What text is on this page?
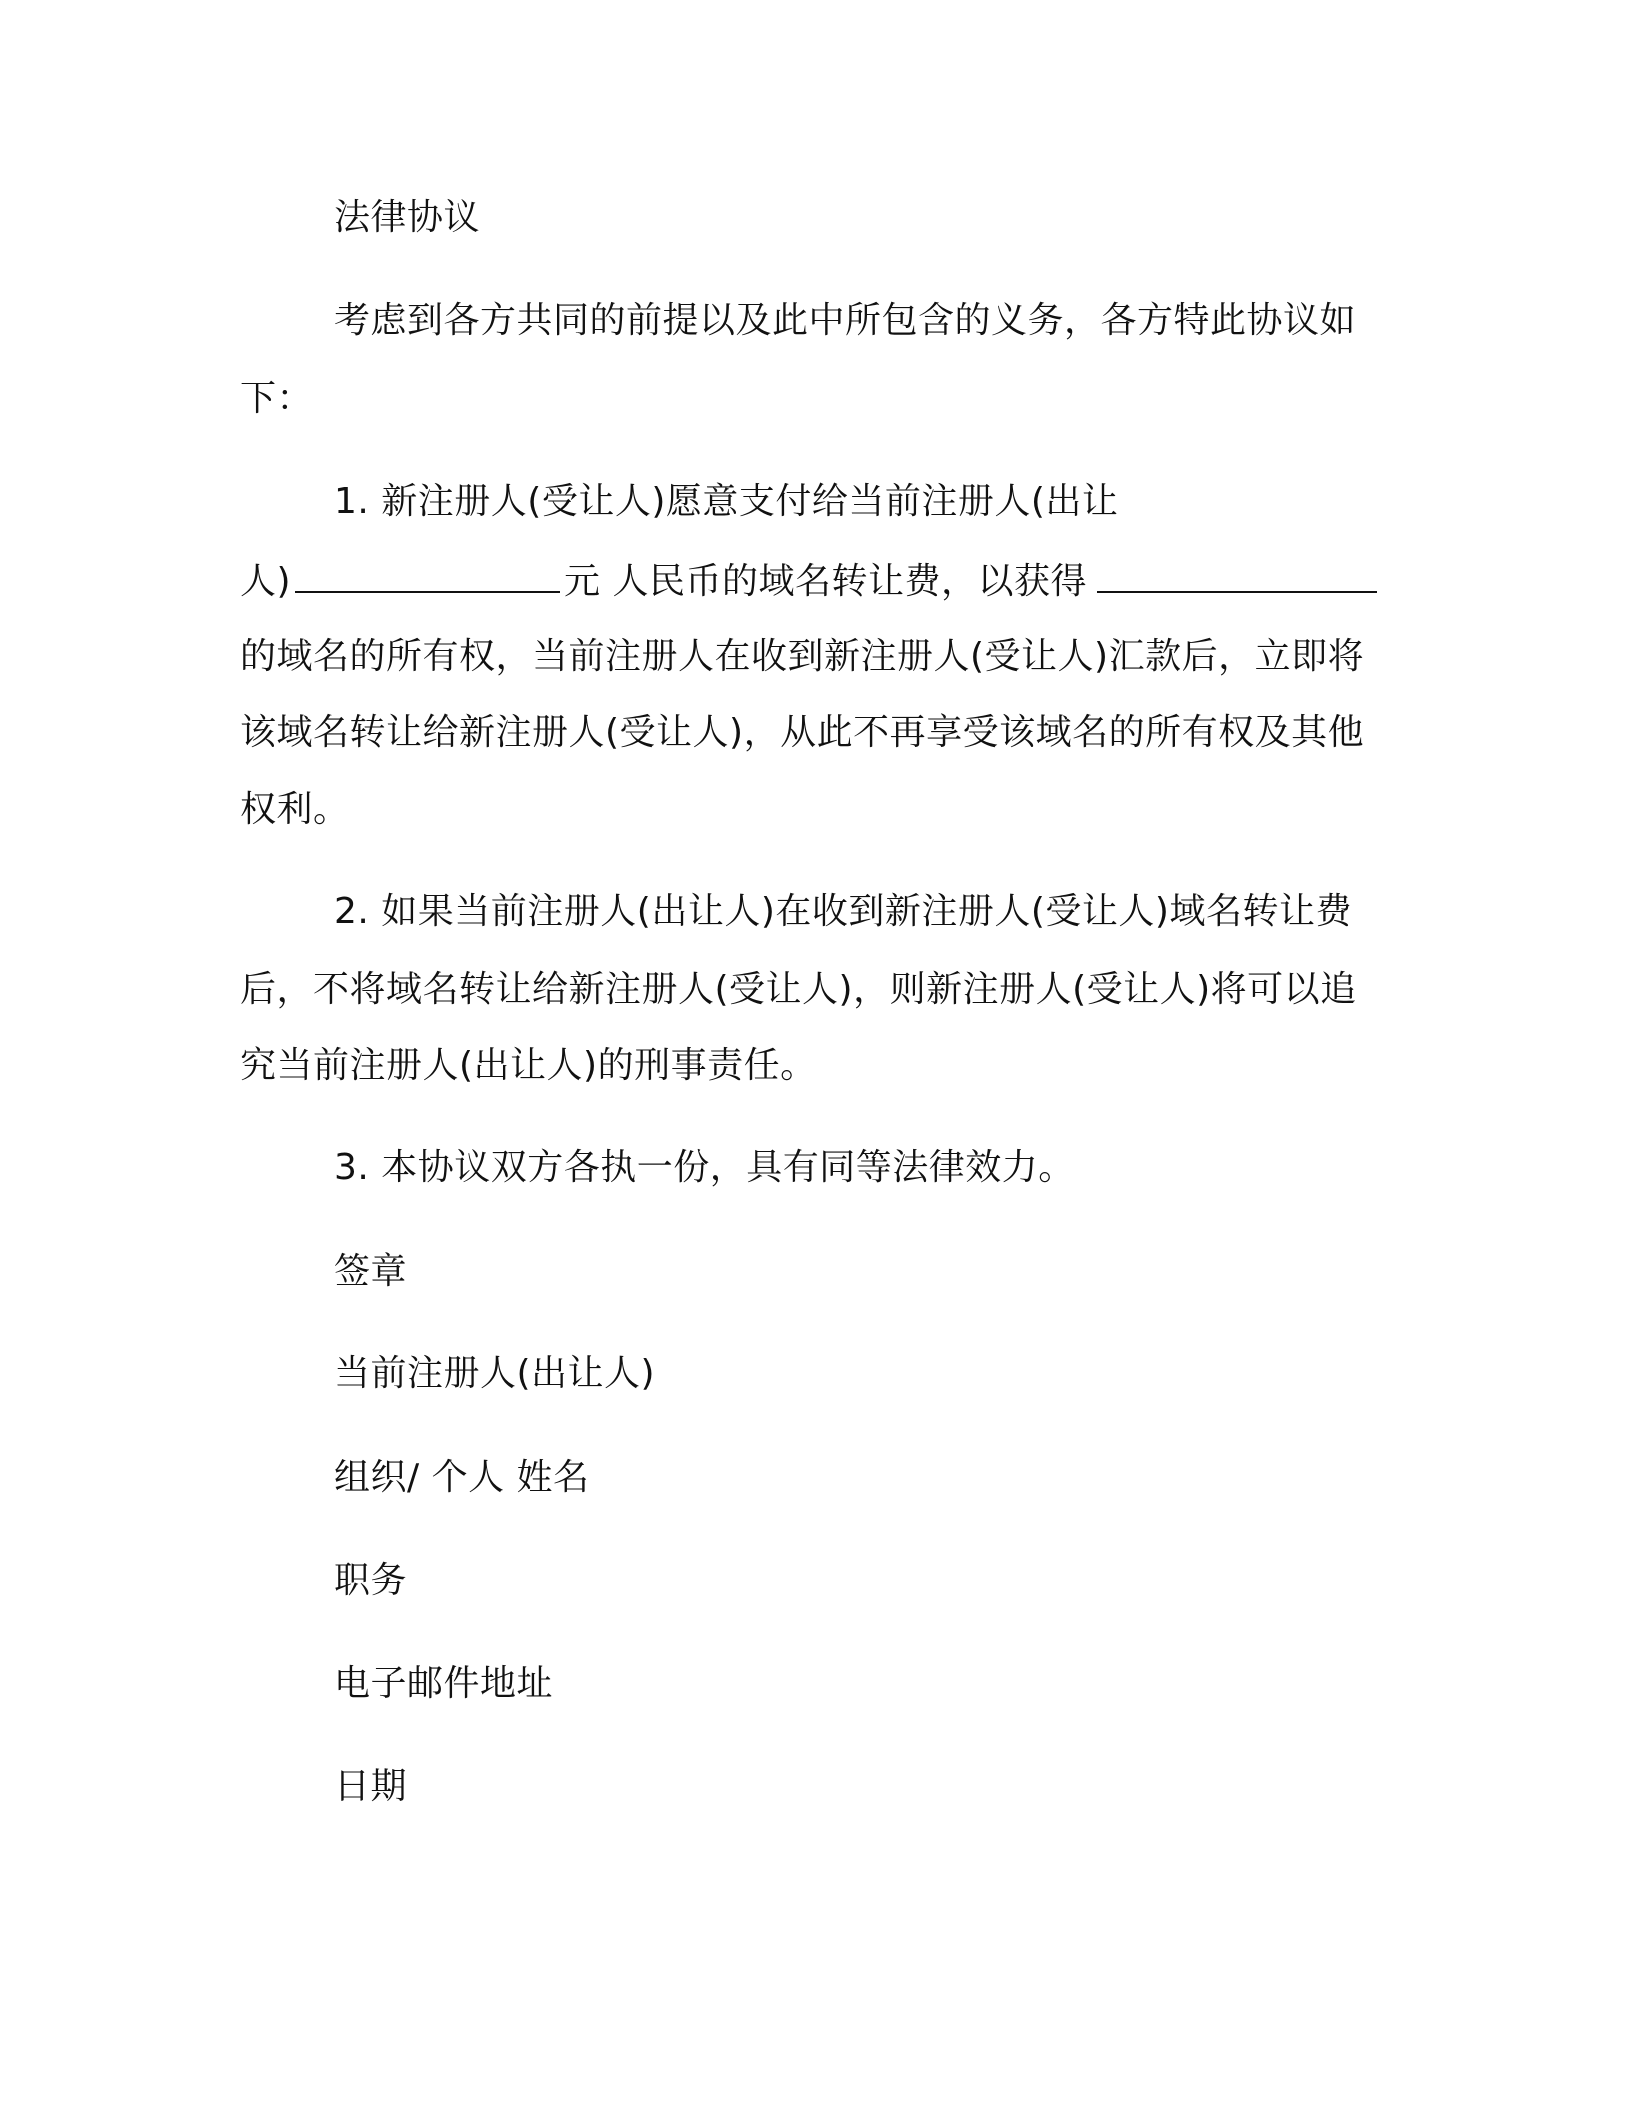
法律协议
考虑到各方共同的前提以及此中所包含的义务，各方特此协议如
下：
1. 新注册人(受让人)愿意支付给当前注册人(出让
人)	元 人民币的域名转让费，以获得
的域名的所有权，当前注册人在收到新注册人(受让人)汇款后，立即将
该域名转让给新注册人(受让人)，从此不再享受该域名的所有权及其他
权利。
2. 如果当前注册人(出让人)在收到新注册人(受让人)域名转让费
后，不将域名转让给新注册人(受让人)，则新注册人(受让人)将可以追
究当前注册人(出让人)的刑事责任。
3. 本协议双方各执一份，具有同等法律效力。
签章
当前注册人(出让人)
组织/ 个人 姓名
职务
电子邮件地址
日期
